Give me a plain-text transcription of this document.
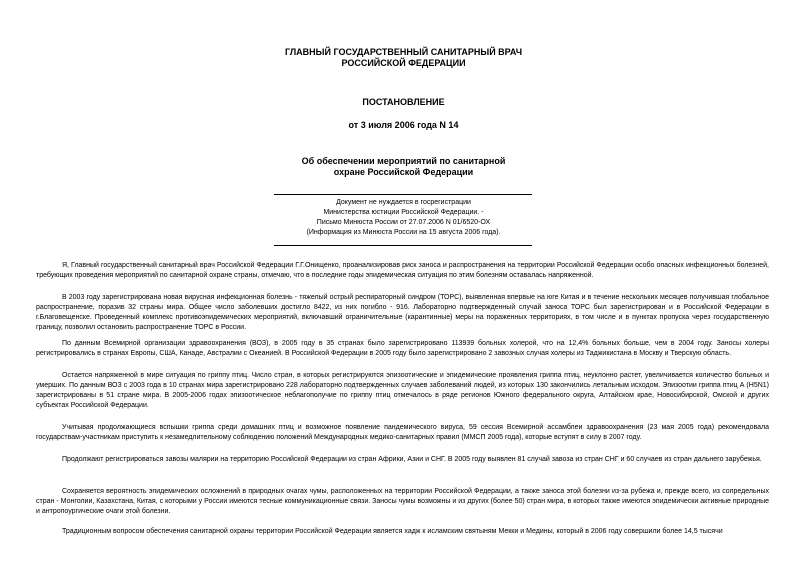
ГЛАВНЫЙ ГОСУДАРСТВЕННЫЙ САНИТАРНЫЙ ВРАЧ
РОССИЙСКОЙ ФЕДЕРАЦИИ
ПОСТАНОВЛЕНИЕ
от 3 июля 2006 года N 14
Об обеспечении мероприятий по санитарной
охране Российской Федерации
Документ не нуждается в госрегистрации
Министерства юстиции Российской Федерации. -
Письмо Минюста России от 27.07.2006 N 01/6520-ОХ
(Информация из Минюста России на 15 августа 2006 года).

Я, Главный государственный санитарный врач Российской Федерации Г.Г.Онищенко, проанализировав риск заноса и распространения на территории Российской Федерации особо опасных инфекционных болезней, требующих проведения мероприятий по санитарной охране страны, отмечаю, что в последние годы эпидемическая ситуация по этим болезням оставалась напряженной.

В 2003 году зарегистрирована новая вирусная инфекционная болезнь - тяжелый острый респираторный синдром (ТОРС), выявленная впервые на юге Китая и в течение нескольких месяцев получившая глобальное распространение, поразив 32 страны мира. Общее число заболевших достигло 8422, из них погибло - 916. Лабораторно подтвержденный случай заноса ТОРС был зарегистрирован и в Российской Федерации в г.Благовещенске. Проведенный комплекс противоэпидемических мероприятий, включавший ограничительные (карантинные) меры на пораженных территориях, в том числе и в пунктах пропуска через государственную границу, позволил остановить распространение ТОРС в России.

По данным Всемирной организации здравоохранения (ВОЗ), в 2005 году в 35 странах было зарегистрировано 113939 больных холерой, что на 12,4% больных больше, чем в 2004 году. Заносы холеры регистрировались в странах Европы, США, Канаде, Австралии с Океанией. В Российской Федерации в 2005 году было зарегистрировано 2 завозных случая холеры из Таджикистана в Москву и Тверскую область.

Остается напряженной в мире ситуация по гриппу птиц. Число стран, в которых регистрируются эпизоотические и эпидемические проявления гриппа птиц, неуклонно растет, увеличивается количество больных и умерших. По данным ВОЗ с 2003 года в 10 странах мира зарегистрировано 228 лабораторно подтвержденных случаев заболеваний людей, из которых 130 закончились летальным исходом. Эпизоотии гриппа птиц А (H5N1) зарегистрированы в 51 стране мира. В 2005-2006 годах эпизоотическое неблагополучие по гриппу птиц отмечалось в ряде регионов Южного федерального округа, Алтайском крае, Новосибирской, Омской и других субъектах Российской Федерации.

Учитывая продолжающиеся вспышки гриппа среди домашних птиц и возможное появление пандемического вируса, 59 сессия Всемирной ассамблеи здравоохранения (23 мая 2005 года) рекомендовала государствам-участникам приступить к незамедлительному соблюдению положений Международных медико-санитарных правил (ММСП 2005 года), которые вступят в силу в 2007 году.

Продолжают регистрироваться завозы малярии на территорию Российской Федерации из стран Африки, Азии и СНГ. В 2005 году выявлен 81 случай завоза из стран СНГ и 60 случаев из стран дальнего зарубежья.

Сохраняется вероятность эпидемических осложнений в природных очагах чумы, расположенных на территории Российской Федерации, а также заноса этой болезни из-за рубежа и, прежде всего, из сопредельных стран - Монголии, Казахстана, Китая, с которыми у России имеются тесные коммуникационные связи. Заносы чумы возможны и из других (более 50) стран мира, в которых также имеются эпидемически активные природные и антропоургические очаги этой болезни.

Традиционным вопросом обеспечения санитарной охраны территории Российской Федерации является хадж к исламским святыням Мекки и Медины, который в 2006 году совершили более 14,5 тысячи
